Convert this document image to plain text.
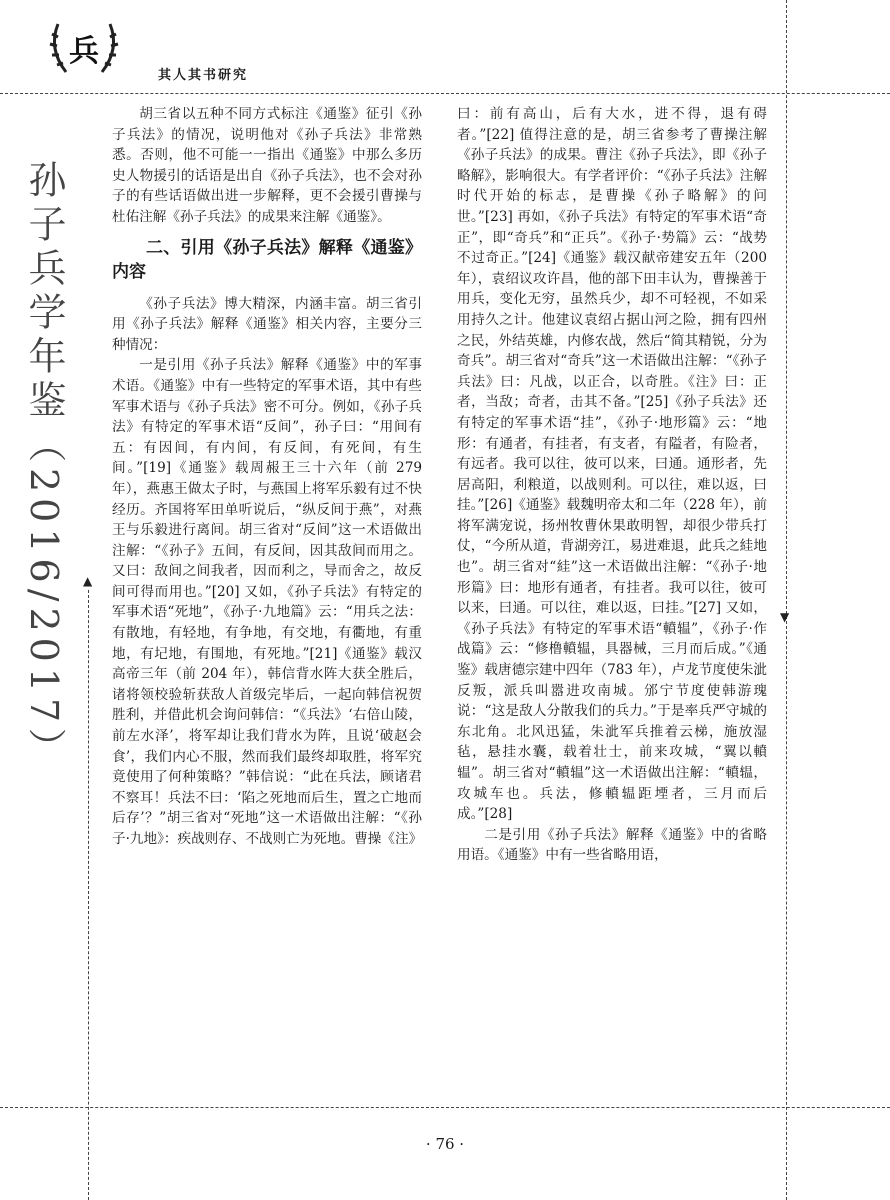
兵
其人其书研究
孙子兵学年鉴（2016/2017）

胡三省以五种不同方式标注《通鉴》征引《孙子兵法》的情况，说明他对《孙子兵法》非常熟悉。否则，他不可能一一指出《通鉴》中那么多历史人物援引的话语是出自《孙子兵法》，也不会对孙子的有些话语做出进一步解释，更不会援引曹操与杜佑注解《孙子兵法》的成果来注解《通鉴》。

二、引用《孙子兵法》解释《通鉴》内容

《孙子兵法》博大精深，内涵丰富。胡三省引用《孙子兵法》解释《通鉴》相关内容，主要分三种情况：

一是引用《孙子兵法》解释《通鉴》中的军事术语。《通鉴》中有一些特定的军事术语，其中有些军事术语与《孙子兵法》密不可分。例如，《孙子兵法》有特定的军事术语“反间”，孙子曰：“用间有五：有因间，有内间，有反间，有死间，有生间。”[19]《通鉴》载周赧王三十六年（前 279 年），燕惠王做太子时，与燕国上将军乐毅有过不快经历。齐国将军田单听说后，“纵反间于燕”，对燕王与乐毅进行离间。胡三省对“反间”这一术语做出注解：“《孙子》五间，有反间，因其敌间而用之。又曰：敌间之间我者，因而利之，导而舍之，故反间可得而用也。”[20] 又如，《孙子兵法》有特定的军事术语“死地”，《孙子·九地篇》云：“用兵之法：有散地，有轻地，有争地，有交地，有衢地，有重地，有圮地，有围地，有死地。”[21]《通鉴》载汉高帝三年（前 204 年），韩信背水阵大获全胜后，诸将领校验斩获敌人首级完毕后，一起向韩信祝贺胜利，并借此机会询问韩信：“《兵法》‘右倍山陵，前左水泽’，将军却让我们背水为阵，且说‘破赵会食’，我们内心不服，然而我们最终却取胜，将军究竟使用了何种策略？”韩信说：“此在兵法，顾诸君不察耳！兵法不曰：‘陷之死地而后生，置之亡地而后存’？”胡三省对“死地”这一术语做出注解：“《孙子·九地》：疾战则存、不战则亡为死地。曹操《注》

曰：前有高山，后有大水，进不得，退有碍者。”[22] 值得注意的是，胡三省参考了曹操注解《孙子兵法》的成果。曹注《孙子兵法》，即《孙子略解》，影响很大。有学者评价：“《孙子兵法》注解时代开始的标志，是曹操《孙子略解》的问世。”[23] 再如，《孙子兵法》有特定的军事术语“奇正”，即“奇兵”和“正兵”。《孙子·势篇》云：“战势不过奇正。”[24]《通鉴》载汉献帝建安五年（200 年），袁绍议攻许昌，他的部下田丰认为，曹操善于用兵，变化无穷，虽然兵少，却不可轻视，不如采用持久之计。他建议袁绍占据山河之险，拥有四州之民，外结英雄，内修农战，然后“简其精锐，分为奇兵”。胡三省对“奇兵”这一术语做出注解：“《孙子兵法》曰：凡战，以正合，以奇胜。《注》曰：正者，当敌；奇者，击其不备。”[25]《孙子兵法》还有特定的军事术语“挂”，《孙子·地形篇》云：“地形：有通者，有挂者，有支者，有隘者，有险者，有远者。我可以往，彼可以来，曰通。通形者，先居高阳，利粮道，以战则利。可以往，难以返，曰挂。”[26]《通鉴》载魏明帝太和二年（228 年），前将军满宠说，扬州牧曹休果敢明智，却很少带兵打仗，“今所从道，背湖旁江，易进难退，此兵之絓地也”。胡三省对“絓”这一术语做出注解：“《孙子·地形篇》曰：地形有通者，有挂者。我可以往，彼可以来，曰通。可以往，难以返，曰挂。”[27] 又如，《孙子兵法》有特定的军事术语“轒辒”，《孙子·作战篇》云：“修橹轒辒，具器械，三月而后成。”《通鉴》载唐德宗建中四年（783 年），卢龙节度使朱泚反叛，派兵叫嚣进攻南城。邠宁节度使韩游瑰说：“这是敌人分散我们的兵力。”于是率兵严守城的东北角。北风迅猛，朱泚军兵推着云梯，施放湿毡，悬挂水囊，载着壮士，前来攻城，“翼以轒辒”。胡三省对“轒辒”这一术语做出注解：“轒辒，攻城车也。兵法，修轒辒距堙者，三月而后成。”[28]

二是引用《孙子兵法》解释《通鉴》中的省略用语。《通鉴》中有一些省略用语，

▲
▼
· 76 ·
